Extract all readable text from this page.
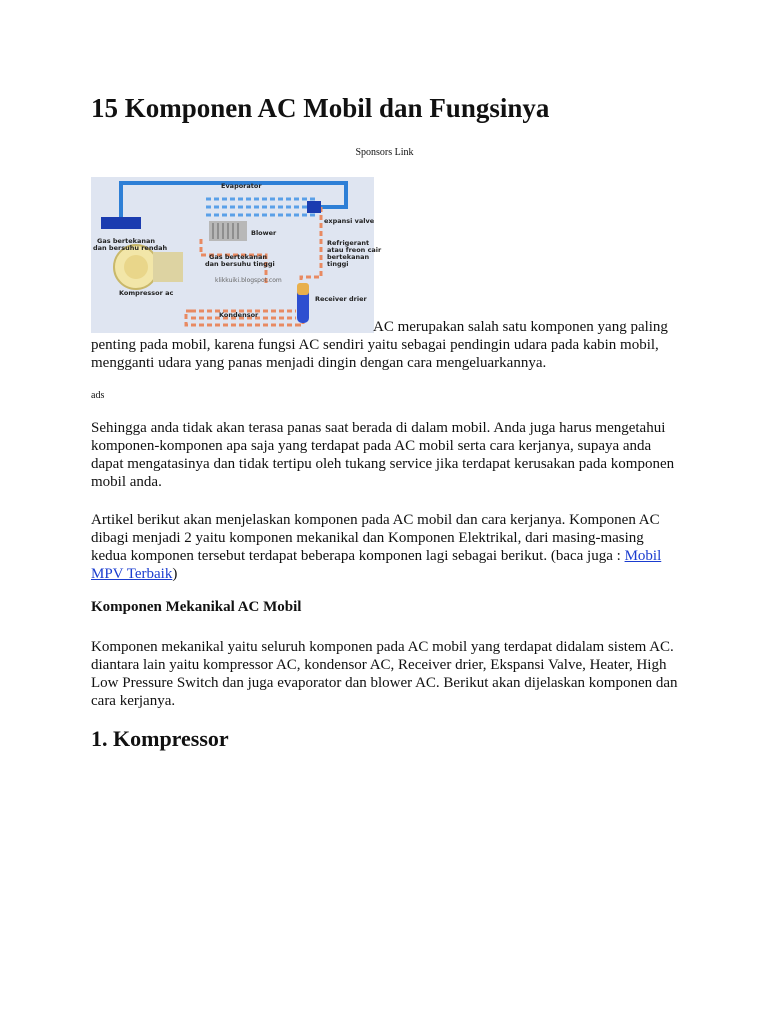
15 Komponen AC Mobil dan Fungsinya
Sponsors Link
Evaporator
expansi valve
Blower
Gas bertekanan
dan bersuhu rendah
Gas bertekanan
dan bersuhu tinggi
Refrigerant
atau freon cair
bertekanan
tinggi
klikkuiki.blogspot.com
Kompressor ac
Receiver drier
Kondensor

AC merupakan salah satu komponen yang paling penting pada mobil, karena fungsi AC sendiri yaitu sebagai pendingin udara pada kabin mobil, mengganti udara yang panas menjadi dingin dengan cara mengeluarkannya.

ads

Sehingga anda tidak akan terasa panas saat berada di dalam mobil. Anda juga harus mengetahui komponen-komponen apa saja yang terdapat pada AC mobil serta cara kerjanya, supaya anda dapat mengatasinya dan tidak tertipu oleh tukang service jika terdapat kerusakan pada komponen mobil anda.

Artikel berikut akan menjelaskan komponen pada AC mobil dan cara kerjanya. Komponen AC dibagi menjadi 2 yaitu komponen mekanikal dan Komponen Elektrikal, dari masing-masing kedua komponen tersebut terdapat beberapa komponen lagi sebagai berikut. (baca juga : Mobil MPV Terbaik)

Komponen Mekanikal AC Mobil

Komponen mekanikal yaitu seluruh komponen pada AC mobil yang terdapat didalam sistem AC. diantara lain yaitu kompressor AC, kondensor AC, Receiver drier, Ekspansi Valve, Heater, High Low Pressure Switch dan juga evaporator dan blower AC. Berikut akan dijelaskan komponen dan cara kerjanya.

1. Kompressor
